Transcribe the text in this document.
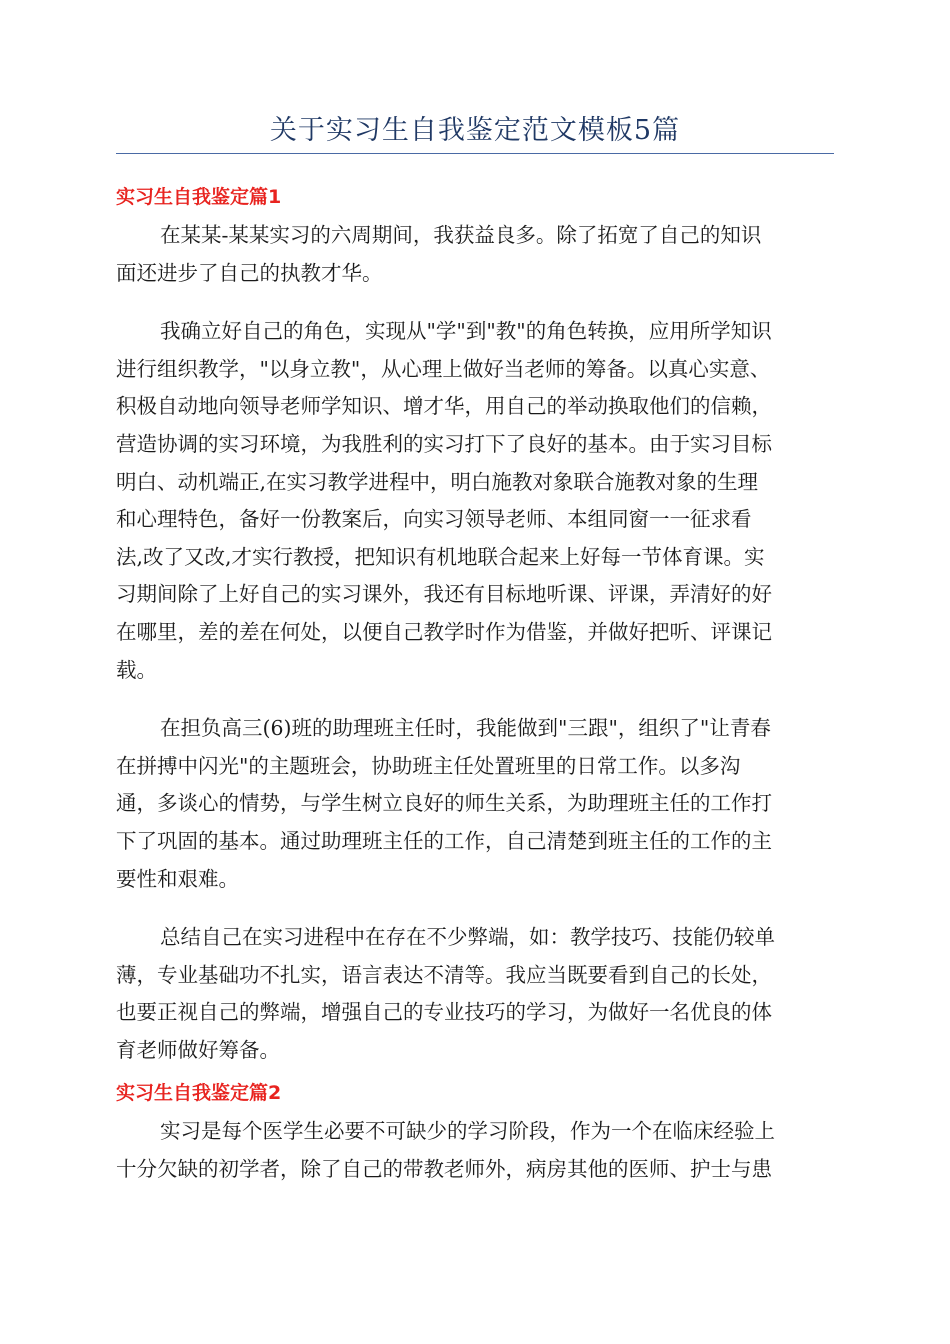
关于实习生自我鉴定范文模板5篇
实习生自我鉴定篇1

在某某-某某实习的六周期间，我获益良多。除了拓宽了自己的知识
面还进步了自己的执教才华。

我确立好自己的角色，实现从"学"到"教"的角色转换，应用所学知识
进行组织教学，"以身立教"，从心理上做好当老师的筹备。以真心实意、
积极自动地向领导老师学知识、增才华，用自己的举动换取他们的信赖，
营造协调的实习环境，为我胜利的实习打下了良好的基本。由于实习目标
明白、动机端正,在实习教学进程中，明白施教对象联合施教对象的生理
和心理特色，备好一份教案后，向实习领导老师、本组同窗一一征求看
法,改了又改,才实行教授，把知识有机地联合起来上好每一节体育课。实
习期间除了上好自己的实习课外，我还有目标地听课、评课，弄清好的好
在哪里，差的差在何处，以便自己教学时作为借鉴，并做好把听、评课记
载。

在担负高三(6)班的助理班主任时，我能做到"三跟"，组织了"让青春
在拼搏中闪光"的主题班会，协助班主任处置班里的日常工作。以多沟
通，多谈心的情势，与学生树立良好的师生关系，为助理班主任的工作打
下了巩固的基本。通过助理班主任的工作，自己清楚到班主任的工作的主
要性和艰难。

总结自己在实习进程中在存在不少弊端，如：教学技巧、技能仍较单
薄，专业基础功不扎实，语言表达不清等。我应当既要看到自己的长处，
也要正视自己的弊端，增强自己的专业技巧的学习，为做好一名优良的体
育老师做好筹备。

实习生自我鉴定篇2

实习是每个医学生必要不可缺少的学习阶段，作为一个在临床经验上
十分欠缺的初学者，除了自己的带教老师外，病房其他的医师、护士与患
